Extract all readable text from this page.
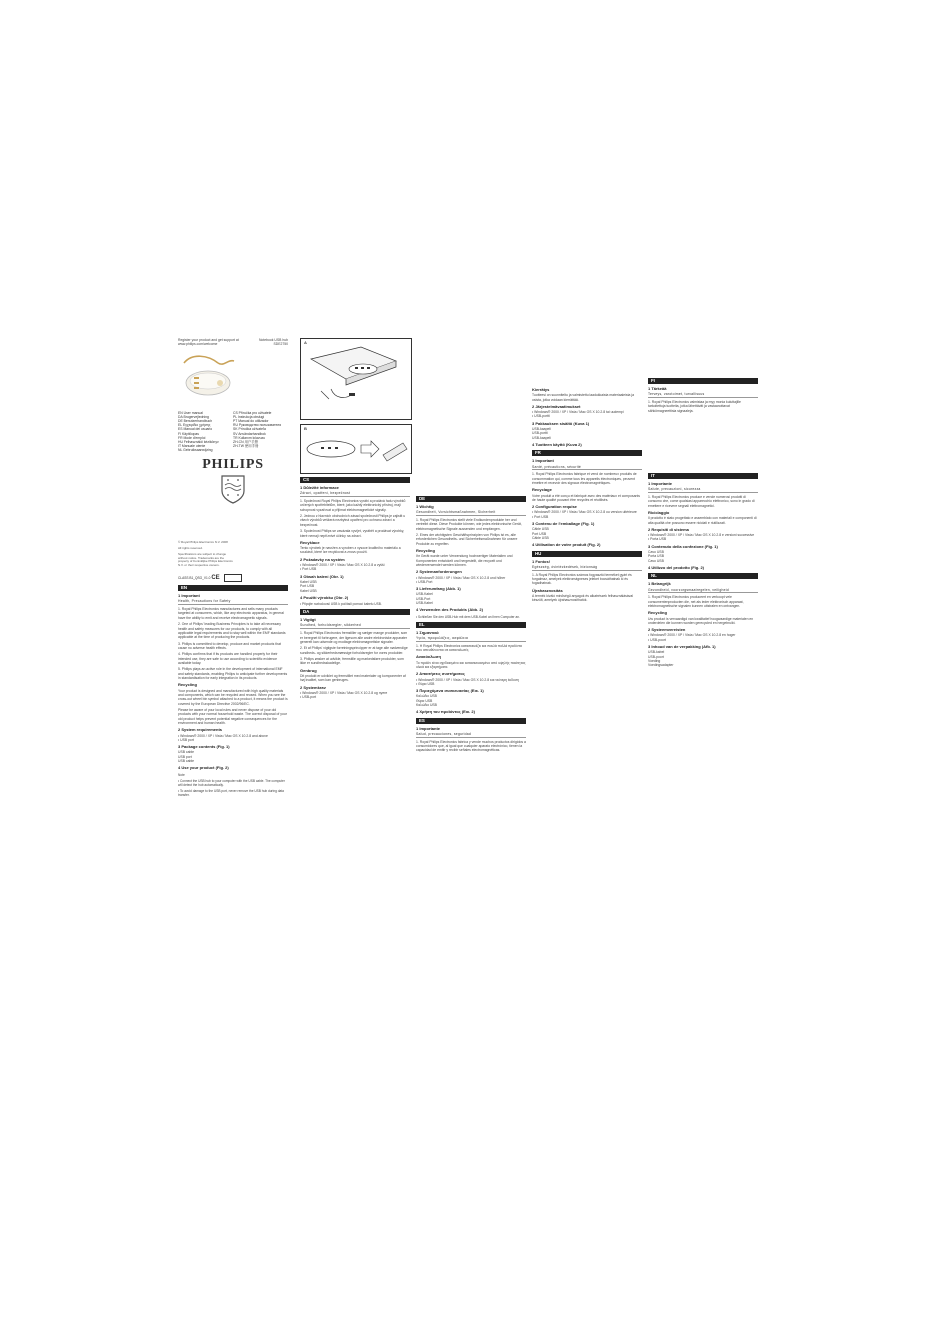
Register your product and get support at
www.philips.com/welcome
Notebook USB hub
SDE2750
EN User manual	CS Příručka pro uživatele
DA Brugervejledning	PL Instrukcja obsługi
DE Benutzerhandbuch	PT Manual do utilizador
EL Εγχειρίδιο χρήσης	RU Руководство пользователя
ES Manual del usuario	SK Príručka užívateľa
FI Käyttöopas	SV Användarhandbok
FR Mode d'emploi	TR Kullanım kılavuzu
HU Felhasználói kézikönyv	ZH-CN 用户手册
IT Manuale utente	ZH-TW 使用手冊
NL Gebruiksaanwijzing
PHILIPS

© Royal Philips Electronics N.V. 2008

All rights reserved.

Specifications are subject to change
without notice. Trademarks are the
property of Koninklijke Philips Electronics
N.V. or their respective owners.
CLASS B1_QSG_V1.0 CE
EN
1 Important
Health, Precautions for Safety

1. Royal Philips Electronics manufactures and sells many products targeted at consumers, which, like any electronic apparatus, in general have the ability to emit and receive electromagnetic signals.

2. One of Philips' leading Business Principles is to take all necessary health and safety measures for our products, to comply with all applicable legal requirements and to stay well within the EMF standards applicable at the time of producing the products.

3. Philips is committed to develop, produce and market products that cause no adverse health effects.

4. Philips confirms that if its products are handled properly for their intended use, they are safe to use according to scientific evidence available today.

5. Philips plays an active role in the development of international EMF and safety standards, enabling Philips to anticipate further developments in standardisation for early integration in its products.

Recycling

Your product is designed and manufactured with high quality materials and components, which can be recycled and reused. When you see the cross-out wheel bin symbol attached to a product, it means the product is covered by the European Directive 2002/96/EC.

Please be aware of your local rules and never dispose of your old products with your normal household waste. The correct disposal of your old product helps prevent potential negative consequences for the environment and human health.

2 System requirements
• Windows® 2000 / XP / Vista / Mac OS X 10.2.8 and above
• USB port
3 Package contents (Fig. 1)
USB cable
USB port
USB cable
4 Use your product (Fig. 2)
Note
• Connect the USB hub to your computer with the USB cable. The computer will detect the hub automatically.
• To avoid damage to the USB port, never remove the USB hub during data transfer.
A
B
CS
1 Důležité informace
Zdraví, opatření, bezpečnost

1. Společnost Royal Philips Electronics vyrábí a prodává řadu výrobků určených spotřebitelům, které, jako každý elektronický přístroj, mají schopnost vyzařovat a přijímat elektromagnetické signály.

2. Jednou z hlavních obchodních zásad společnosti Philips je zajistit u všech výrobků veškerá nezbytná opatření pro ochranu zdraví a bezpečnost.

3. Společnost Philips se zavázala vyvíjet, vyrábět a prodávat výrobky, které nemají nepříznivé účinky na zdraví.

Recyklace

Tento výrobek je navržen a vyroben z vysoce kvalitního materiálu a součástí, které lze recyklovat a znovu použít.

2 Požadavky na systém
• Windows® 2000 / XP / Vista / Mac OS X 10.2.8 a vyšší
• Port USB
3 Obsah balení (Obr. 1)
Kabel USB
Port USB
Kabel USB
4 Použití výrobku (Obr. 2)
• Připojte rozbočovač USB k počítači pomocí kabelu USB.
DA
1 Vigtigt
Sundhed, forholdsregler, sikkerhed

1. Royal Philips Electronics fremstiller og sælger mange produkter, som er beregnet til forbrugere, der ligesom alle andre elektroniske apparater generelt kan udsende og modtage elektromagnetiske signaler.

2. Et af Philips' vigtigste forretningsprincipper er at tage alle nødvendige sundheds- og sikkerhedsmæssige forholdsregler for vores produkter.

3. Philips ønsker at udvikle, fremstille og markedsføre produkter, som ikke er sundhedsskadelige.

Genbrug

Dit produkt er udviklet og fremstillet med materialer og komponenter af høj kvalitet, som kan genbruges.

2 Systemkrav
• Windows® 2000 / XP / Vista / Mac OS X 10.2.8 og nyere
• USB-port
DE
1 Wichtig
Gesundheit, Vorsichtsmaßnahmen, Sicherheit

1. Royal Philips Electronics stellt viele Endkundenprodukte her und vertreibt diese. Diese Produkte können, wie jedes elektronische Gerät, elektromagnetische Signale aussenden und empfangen.

2. Eines der wichtigsten Geschäftsprinzipien von Philips ist es, alle erforderlichen Gesundheits- und Sicherheitsmaßnahmen für unsere Produkte zu ergreifen.

Recycling

Ihr Gerät wurde unter Verwendung hochwertiger Materialien und Komponenten entwickelt und hergestellt, die recycelt und wiederverwendet werden können.

2 Systemanforderungen
• Windows® 2000 / XP / Vista / Mac OS X 10.2.8 und höher
• USB-Port
3 Lieferumfang (Abb. 1)
USB-Kabel
USB-Port
USB-Kabel
4 Verwenden des Produkts (Abb. 2)
• Schließen Sie den USB-Hub mit dem USB-Kabel an Ihren Computer an.
EL
1 Σημαντικό
Υγεία, προφυλάξεις, ασφάλεια

1. Η Royal Philips Electronics κατασκευάζει και πουλά πολλά προϊόντα που απευθύνονται σε καταναλωτές.

Ανακύκλωση

Το προϊόν είναι σχεδιασμένο και κατασκευασμένο από υψηλής ποιότητας υλικά και εξαρτήματα.

2 Απαιτήσεις συστήματος
• Windows® 2000 / XP / Vista / Mac OS X 10.2.8 και νεότερη έκδοση
• Θύρα USB
3 Περιεχόμενα συσκευασίας (Εικ. 1)
Καλώδιο USB
Θύρα USB
Καλώδιο USB
4 Χρήση του προϊόντος (Εικ. 2)
ES
1 Importante
Salud, precauciones, seguridad

1. Royal Philips Electronics fabrica y vende muchos productos dirigidos a consumidores que, al igual que cualquier aparato electrónico, tienen la capacidad de emitir y recibir señales electromagnéticas.

Kierrätys

Tuotteesi on suunniteltu ja valmistettu laadukkaista materiaaleista ja osista, jotka voidaan kierrättää.

2 Järjestelmävaatimukset
• Windows® 2000 / XP / Vista / Mac OS X 10.2.8 tai uudempi
• USB-portti
3 Pakkauksen sisältö (Kuva 1)
USB-kaapeli
USB-portti
USB-kaapeli
4 Tuotteen käyttö (Kuva 2)
FR
1 Important
Santé, précautions, sécurité

1. Royal Philips Electronics fabrique et vend de nombreux produits de consommation qui, comme tous les appareils électroniques, peuvent émettre et recevoir des signaux électromagnétiques.

Recyclage

Votre produit a été conçu et fabriqué avec des matériaux et composants de haute qualité pouvant être recyclés et réutilisés.

2 Configuration requise
• Windows® 2000 / XP / Vista / Mac OS X 10.2.8 ou version ultérieure
• Port USB
3 Contenu de l'emballage (Fig. 1)
Câble USB
Port USB
Câble USB
4 Utilisation de votre produit (Fig. 2)
HU
1 Fontos!
Egészség, óvintézkedések, biztonság

1. A Royal Philips Electronics számos fogyasztói terméket gyárt és forgalmaz, amelyek elektromágneses jeleket bocsáthatnak ki és fogadhatnak.

Újrahasznosítás

A termék kiváló minőségű anyagok és alkatrészek felhasználásával készült, amelyek újrahasznosíthatók.

FI
1 Tärkeää
Terveys, varotoimet, turvallisuus

1. Royal Philips Electronics valmistaa ja myy monia kuluttajille tarkoitettuja tuotteita, jotka lähettävät ja vastaanottavat sähkömagneettisia signaaleja.

IT
1 Importante
Salute, precauzioni, sicurezza

1. Royal Philips Electronics produce e vende numerosi prodotti di consumo che, come qualsiasi apparecchio elettronico, sono in grado di emettere e ricevere segnali elettromagnetici.

Riciclaggio

Il prodotto è stato progettato e assemblato con materiali e componenti di alta qualità che possono essere riciclati e riutilizzati.

2 Requisiti di sistema
• Windows® 2000 / XP / Vista / Mac OS X 10.2.8 e versioni successive
• Porta USB
3 Contenuto della confezione (Fig. 1)
Cavo USB
Porta USB
Cavo USB
4 Utilizzo del prodotto (Fig. 2)
NL
1 Belangrijk
Gezondheid, voorzorgsmaatregelen, veiligheid

1. Royal Philips Electronics produceert en verkoopt vele consumentenproducten die, net als ieder elektronisch apparaat, elektromagnetische signalen kunnen uitstralen en ontvangen.

Recycling

Uw product is vervaardigd van kwalitatief hoogwaardige materialen en onderdelen die kunnen worden gerecycled en hergebruikt.

2 Systeemvereisten
• Windows® 2000 / XP / Vista / Mac OS X 10.2.8 en hoger
• USB-poort
3 Inhoud van de verpakking (Afb. 1)
USB-kabel
USB-poort
Voeding
Voedingsadapter
